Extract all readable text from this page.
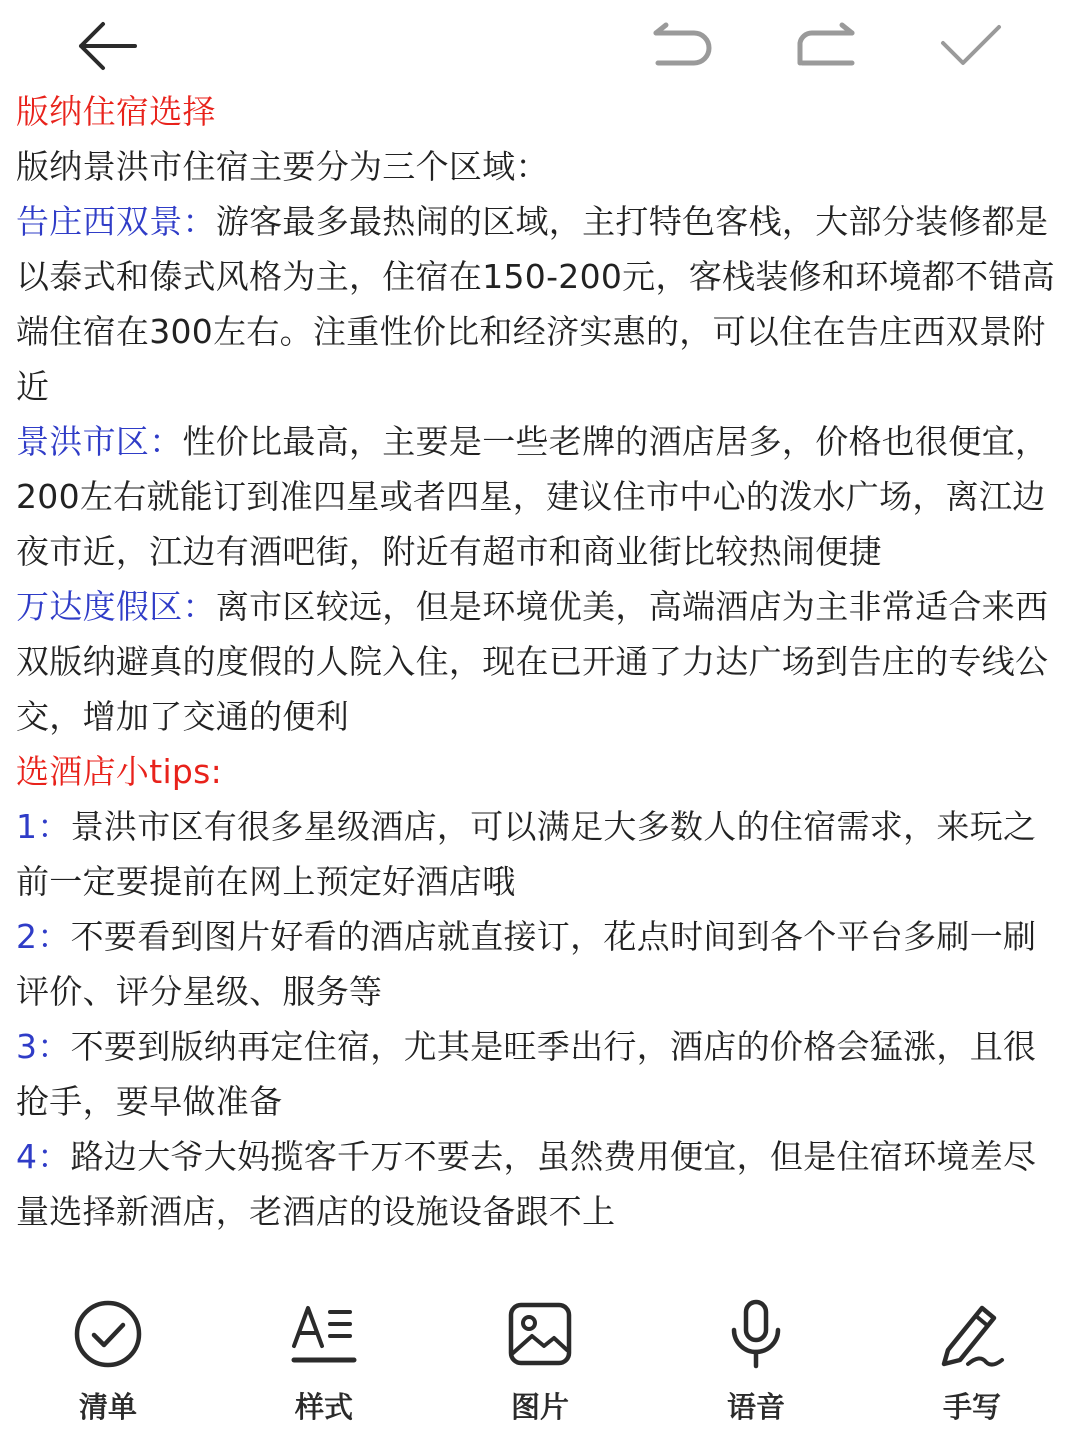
版纳住宿选择

版纳景洪市住宿主要分为三个区域：

告庄西双景：游客最多最热闹的区域，主打特色客栈，大部分装修都是以泰式和傣式风格为主，住宿在150-200元，客栈装修和环境都不错高端住宿在300左右。注重性价比和经济实惠的，可以住在告庄西双景附近

景洪市区：性价比最高，主要是一些老牌的酒店居多，价格也很便宜，200左右就能订到准四星或者四星，建议住市中心的泼水广场，离江边夜市近，江边有酒吧街，附近有超市和商业街比较热闹便捷

万达度假区：离市区较远，但是环境优美，高端酒店为主非常适合来西双版纳避真的度假的人院入住，现在已开通了力达广场到告庄的专线公交，增加了交通的便利

选酒店小tips:

1：景洪市区有很多星级酒店，可以满足大多数人的住宿需求，来玩之前一定要提前在网上预定好酒店哦

2：不要看到图片好看的酒店就直接订，花点时间到各个平台多刷一刷评价、评分星级、服务等

3：不要到版纳再定住宿，尤其是旺季出行，酒店的价格会猛涨，且很抢手，要早做准备

4：路边大爷大妈揽客千万不要去，虽然费用便宜，但是住宿环境差尽量选择新酒店，老酒店的设施设备跟不上

清单	样式	图片	语音	手写
